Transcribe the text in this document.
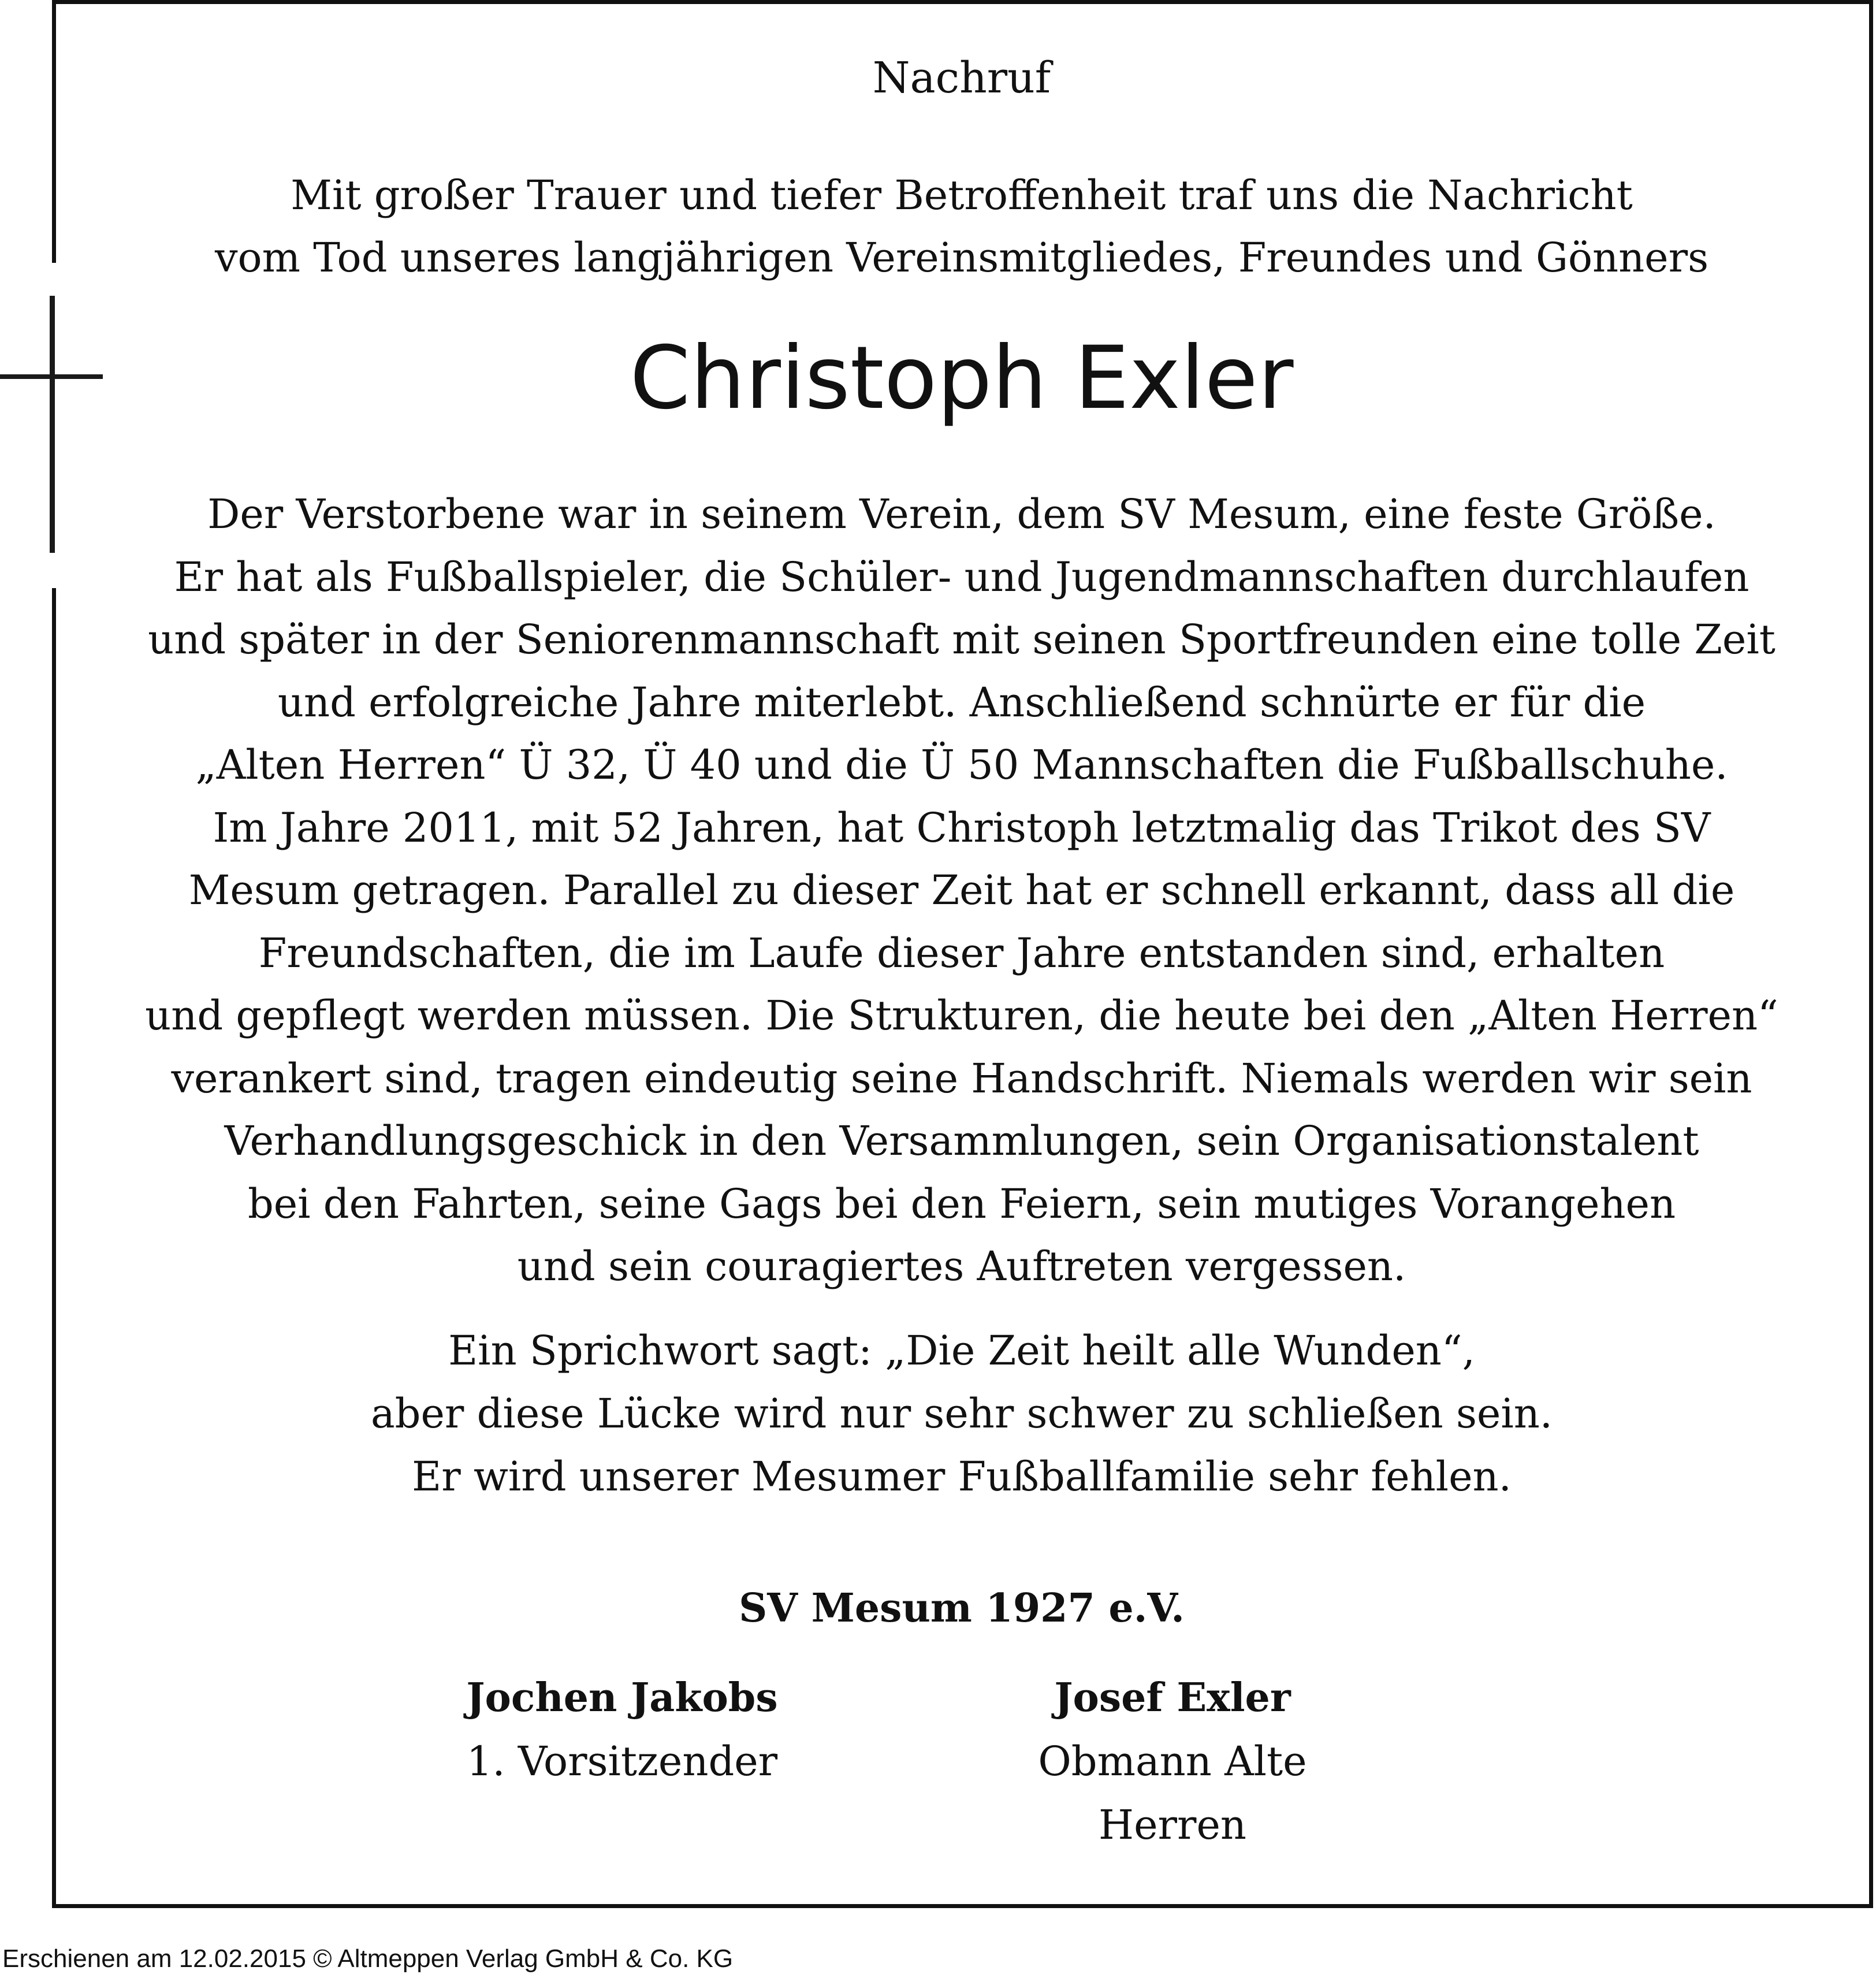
Nachruf
Mit großer Trauer und tiefer Betroffenheit traf uns die Nachricht
vom Tod unseres langjährigen Vereinsmitgliedes, Freundes und Gönners
Christoph Exler
Der Verstorbene war in seinem Verein, dem SV Mesum, eine feste Größe.
Er hat als Fußballspieler, die Schüler- und Jugendmannschaften durchlaufen
und später in der Seniorenmannschaft mit seinen Sportfreunden eine tolle Zeit
und erfolgreiche Jahre miterlebt. Anschließend schnürte er für die
„Alten Herren“ Ü 32, Ü 40 und die Ü 50 Mannschaften die Fußballschuhe.
Im Jahre 2011, mit 52 Jahren, hat Christoph letztmalig das Trikot des SV
Mesum getragen. Parallel zu dieser Zeit hat er schnell erkannt, dass all die
Freundschaften, die im Laufe dieser Jahre entstanden sind, erhalten
und gepflegt werden müssen. Die Strukturen, die heute bei den „Alten Herren“
verankert sind, tragen eindeutig seine Handschrift. Niemals werden wir sein
Verhandlungsgeschick in den Versammlungen, sein Organisationstalent
bei den Fahrten, seine Gags bei den Feiern, sein mutiges Vorangehen
und sein couragiertes Auftreten vergessen.
Ein Sprichwort sagt: „Die Zeit heilt alle Wunden“,
aber diese Lücke wird nur sehr schwer zu schließen sein.
Er wird unserer Mesumer Fußballfamilie sehr fehlen.
SV Mesum 1927 e.V.
Jochen Jakobs
1. Vorsitzender
Josef Exler
Obmann Alte Herren
Erschienen am 12.02.2015 © Altmeppen Verlag GmbH & Co. KG
